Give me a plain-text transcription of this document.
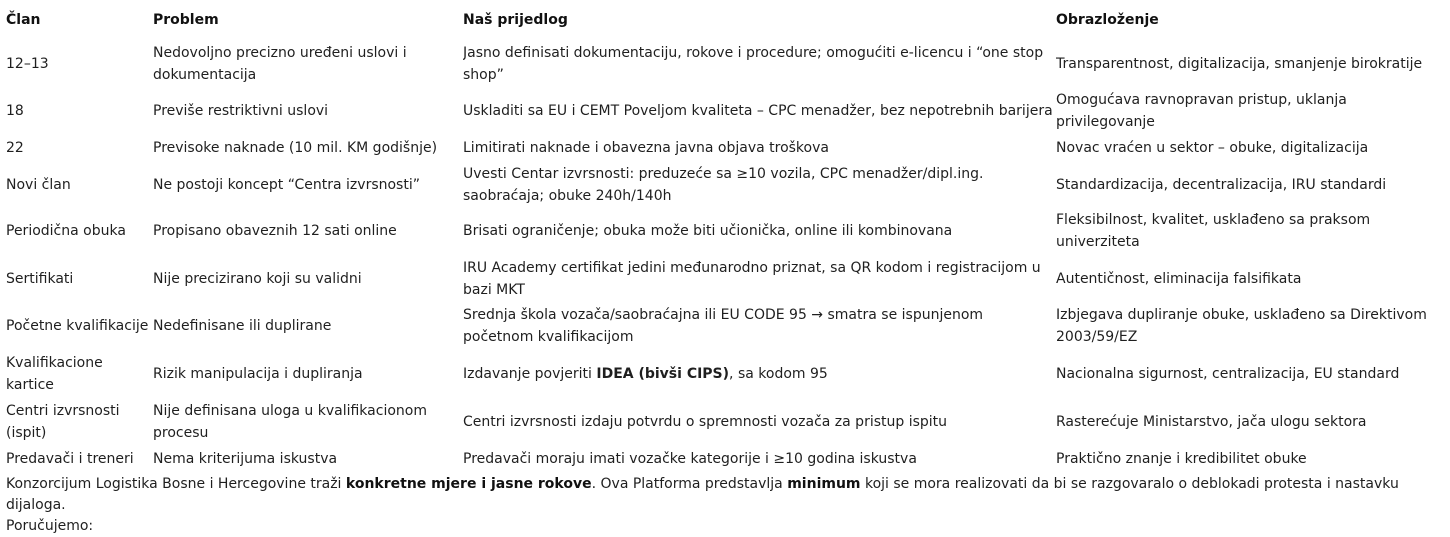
Član	Problem	Naš prijedlog	Obrazloženje
12–13	Nedovoljno precizno uređeni uslovi i dokumentacija	Jasno definisati dokumentaciju, rokove i procedure; omogućiti e-licencu i “one stop shop”	Transparentnost, digitalizacija, smanjenje birokratije
18	Previše restriktivni uslovi	Uskladiti sa EU i CEMT Poveljom kvaliteta – CPC menadžer, bez nepotrebnih barijera	Omogućava ravnopravan pristup, uklanja privilegovanje
22	Previsoke naknade (10 mil. KM godišnje)	Limitirati naknade i obavezna javna objava troškova	Novac vraćen u sektor – obuke, digitalizacija
Novi član	Ne postoji koncept “Centra izvrsnosti”	Uvesti Centar izvrsnosti: preduzeće sa ≥10 vozila, CPC menadžer/dipl.ing. saobraćaja; obuke 240h/140h	Standardizacija, decentralizacija, IRU standardi
Periodična obuka	Propisano obaveznih 12 sati online	Brisati ograničenje; obuka može biti učionička, online ili kombinovana	Fleksibilnost, kvalitet, usklađeno sa praksom univerziteta
Sertifikati	Nije precizirano koji su validni	IRU Academy certifikat jedini međunarodno priznat, sa QR kodom i registracijom u bazi MKT	Autentičnost, eliminacija falsifikata
Početne kvalifikacije	Nedefinisane ili duplirane	Srednja škola vozača/saobraćajna ili EU CODE 95 → smatra se ispunjenom početnom kvalifikacijom	Izbjegava dupliranje obuke, usklađeno sa Direktivom 2003/59/EZ
Kvalifikacione kartice	Rizik manipulacija i dupliranja	Izdavanje povjeriti IDEA (bivši CIPS), sa kodom 95	Nacionalna sigurnost, centralizacija, EU standard
Centri izvrsnosti (ispit)	Nije definisana uloga u kvalifikacionom procesu	Centri izvrsnosti izdaju potvrdu o spremnosti vozača za pristup ispitu	Rasterećuje Ministarstvo, jača ulogu sektora
Predavači i treneri	Nema kriterijuma iskustva	Predavači moraju imati vozačke kategorije i ≥10 godina iskustva	Praktično znanje i kredibilitet obuke
Konzorcijum Logistika Bosne i Hercegovine traži konkretne mjere i jasne rokove. Ova Platforma predstavlja minimum koji se mora realizovati da bi se razgovaralo o deblokadi protesta i nastavku dijaloga.
Poručujemo:
